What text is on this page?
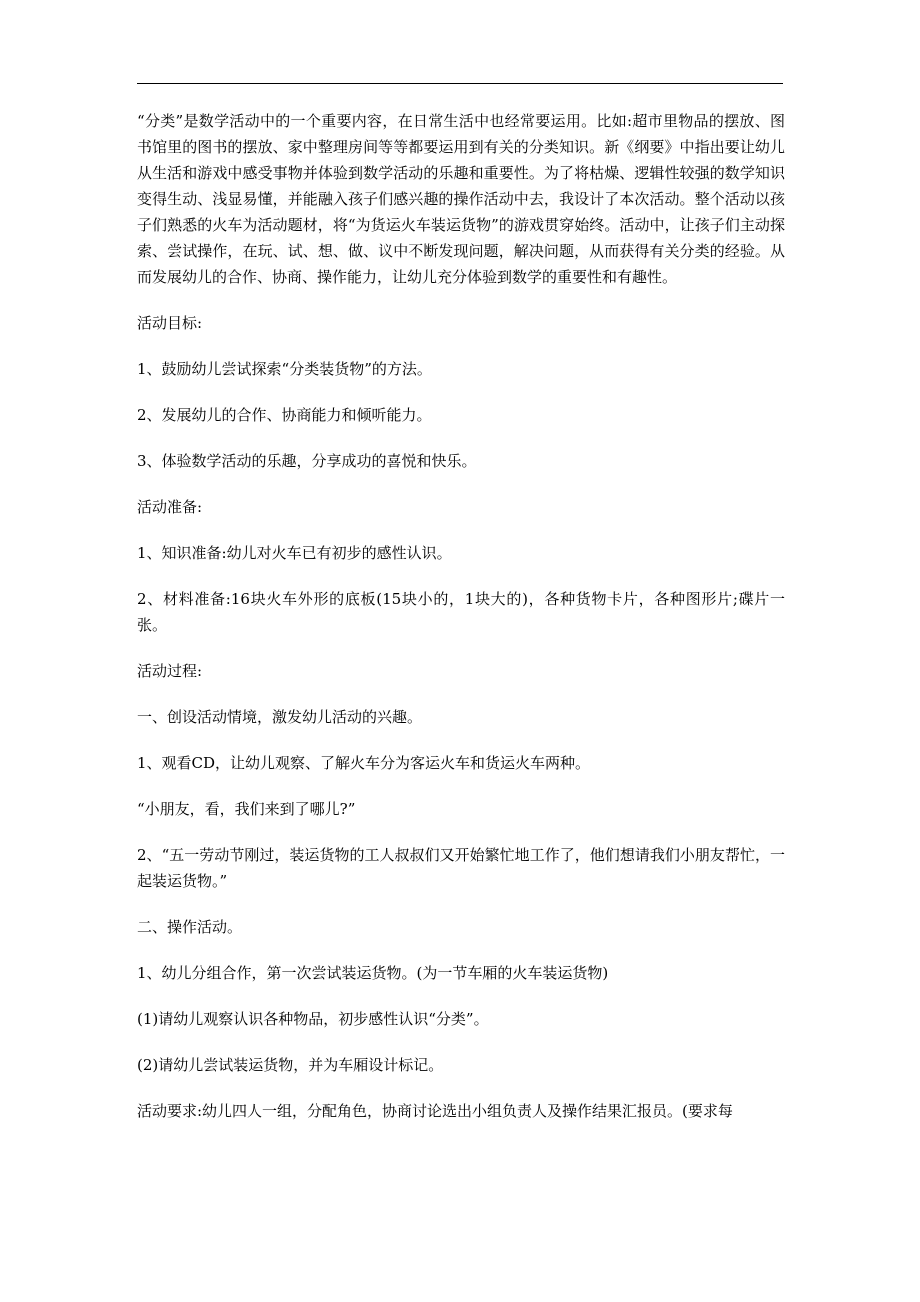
“分类”是数学活动中的一个重要内容，在日常生活中也经常要运用。比如:超市里物品的摆放、图书馆里的图书的摆放、家中整理房间等等都要运用到有关的分类知识。新《纲要》中指出要让幼儿从生活和游戏中感受事物并体验到数学活动的乐趣和重要性。为了将枯燥、逻辑性较强的数学知识变得生动、浅显易懂，并能融入孩子们感兴趣的操作活动中去，我设计了本次活动。整个活动以孩子们熟悉的火车为活动题材，将“为货运火车装运货物”的游戏贯穿始终。活动中，让孩子们主动探索、尝试操作，在玩、试、想、做、议中不断发现问题，解决问题，从而获得有关分类的经验。从而发展幼儿的合作、协商、操作能力，让幼儿充分体验到数学的重要性和有趣性。

活动目标:

1、鼓励幼儿尝试探索“分类装货物”的方法。

2、发展幼儿的合作、协商能力和倾听能力。

3、体验数学活动的乐趣，分享成功的喜悦和快乐。

活动准备:

1、知识准备:幼儿对火车已有初步的感性认识。

2、材料准备:16块火车外形的底板(15块小的，1块大的)，各种货物卡片，各种图形片;碟片一张。

活动过程:

一、创设活动情境，激发幼儿活动的兴趣。

1、观看CD，让幼儿观察、了解火车分为客运火车和货运火车两种。

“小朋友，看，我们来到了哪儿?”

2、“五一劳动节刚过，装运货物的工人叔叔们又开始繁忙地工作了，他们想请我们小朋友帮忙，一起装运货物。”

二、操作活动。

1、幼儿分组合作，第一次尝试装运货物。(为一节车厢的火车装运货物)

(1)请幼儿观察认识各种物品，初步感性认识“分类”。

(2)请幼儿尝试装运货物，并为车厢设计标记。

活动要求:幼儿四人一组，分配角色，协商讨论选出小组负责人及操作结果汇报员。(要求每
